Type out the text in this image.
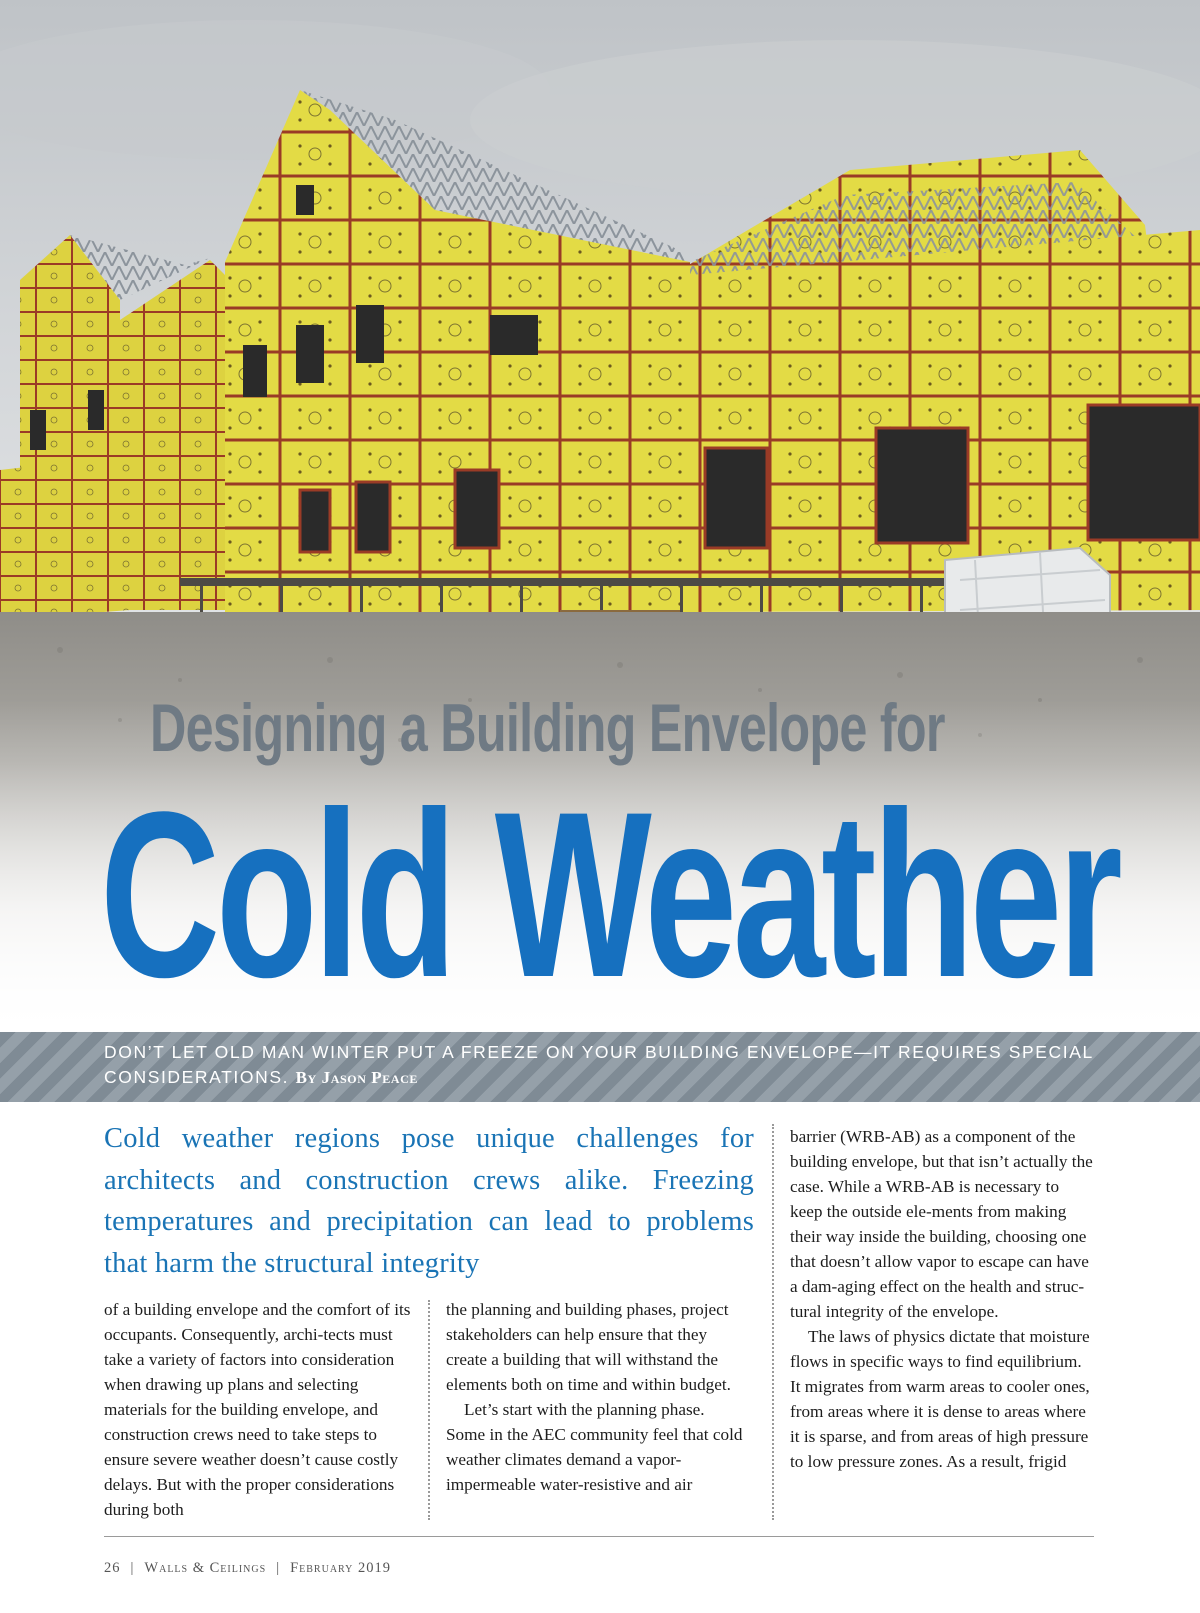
Designing a Building Envelope for
Cold Weather
DON’T LET OLD MAN WINTER PUT A FREEZE ON YOUR BUILDING ENVELOPE—IT REQUIRES SPECIAL CONSIDERATIONS. By Jason Peace
Cold weather regions pose unique challenges for architects and construction crews alike. Freezing temperatures and precipitation can lead to problems that harm the structural integrity

of a building envelope and the comfort of its occupants. Consequently, archi-tects must take a variety of factors into consideration when drawing up plans and selecting materials for the building envelope, and construction crews need to take steps to ensure severe weather doesn’t cause costly delays. But with the proper considerations during both

the planning and building phases, project stakeholders can help ensure that they create a building that will withstand the elements both on time and within budget.

Let’s start with the planning phase. Some in the AEC community feel that cold weather climates demand a vapor-impermeable water-resistive and air

barrier (WRB-AB) as a component of the building envelope, but that isn’t actually the case. While a WRB-AB is necessary to keep the outside ele-ments from making their way inside the building, choosing one that doesn’t allow vapor to escape can have a dam-aging effect on the health and struc-tural integrity of the envelope.

The laws of physics dictate that moisture flows in specific ways to find equilibrium. It migrates from warm areas to cooler ones, from areas where it is dense to areas where it is sparse, and from areas of high pressure to low pressure zones. As a result, frigid

26 | Walls & Ceilings | February 2019
